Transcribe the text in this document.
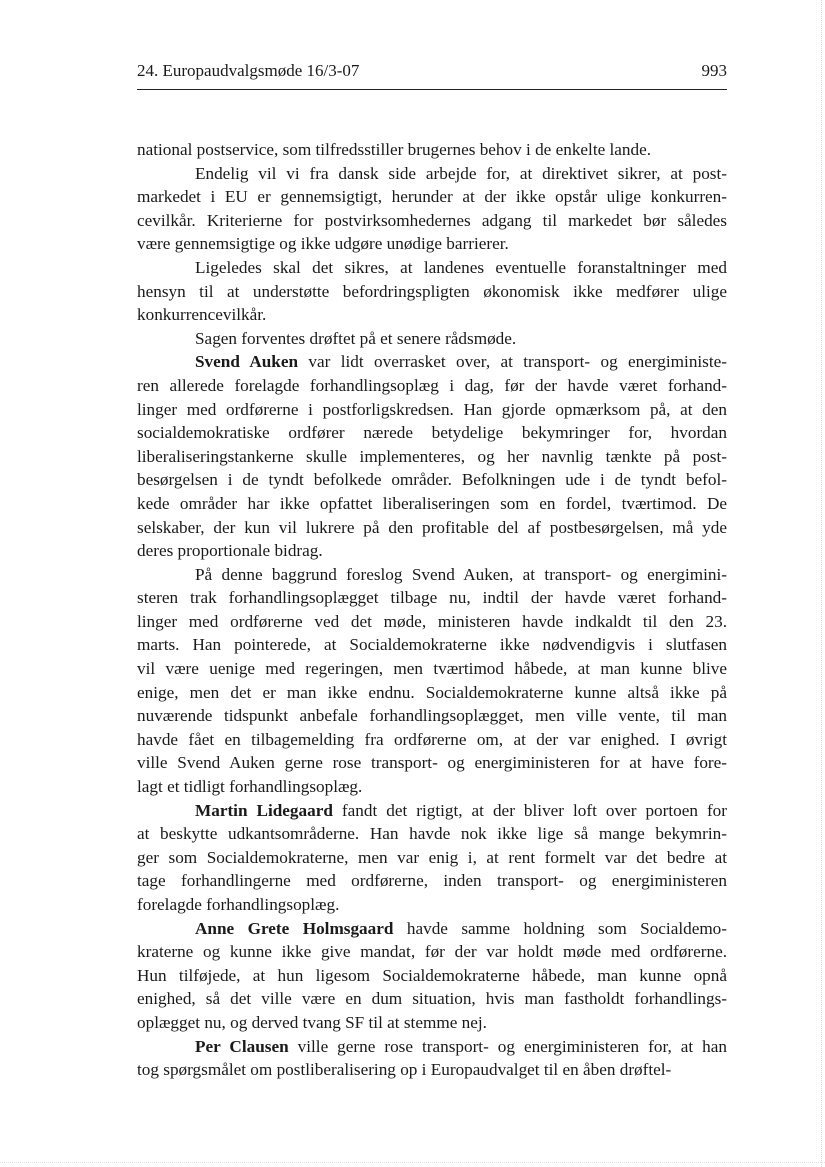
24. Europaudvalgsmøde 16/3-07	993
national postservice, som tilfredsstiller brugernes behov i de enkelte lande.
Endelig vil vi fra dansk side arbejde for, at direktivet sikrer, at post-
markedet i EU er gennemsigtigt, herunder at der ikke opstår ulige konkurren-
cevilkår. Kriterierne for postvirksomhedernes adgang til markedet bør således
være gennemsigtige og ikke udgøre unødige barrierer.
Ligeledes skal det sikres, at landenes eventuelle foranstaltninger med
hensyn til at understøtte befordringspligten økonomisk ikke medfører ulige
konkurrencevilkår.
Sagen forventes drøftet på et senere rådsmøde.
Svend Auken var lidt overrasket over, at transport- og energiministe-
ren allerede forelagde forhandlingsoplæg i dag, før der havde været forhand-
linger med ordførerne i postforligskredsen. Han gjorde opmærksom på, at den
socialdemokratiske ordfører nærede betydelige bekymringer for, hvordan
liberaliseringstankerne skulle implementeres, og her navnlig tænkte på post-
besørgelsen i de tyndt befolkede områder. Befolkningen ude i de tyndt befol-
kede områder har ikke opfattet liberaliseringen som en fordel, tværtimod. De
selskaber, der kun vil lukrere på den profitable del af postbesørgelsen, må yde
deres proportionale bidrag.
På denne baggrund foreslog Svend Auken, at transport- og energimini-
steren trak forhandlingsoplægget tilbage nu, indtil der havde været forhand-
linger med ordførerne ved det møde, ministeren havde indkaldt til den 23.
marts. Han pointerede, at Socialdemokraterne ikke nødvendigvis i slutfasen
vil være uenige med regeringen, men tværtimod håbede, at man kunne blive
enige, men det er man ikke endnu. Socialdemokraterne kunne altså ikke på
nuværende tidspunkt anbefale forhandlingsoplægget, men ville vente, til man
havde fået en tilbagemelding fra ordførerne om, at der var enighed. I øvrigt
ville Svend Auken gerne rose transport- og energiministeren for at have fore-
lagt et tidligt forhandlingsoplæg.
Martin Lidegaard fandt det rigtigt, at der bliver loft over portoen for
at beskytte udkantsområderne. Han havde nok ikke lige så mange bekymrin-
ger som Socialdemokraterne, men var enig i, at rent formelt var det bedre at
tage forhandlingerne med ordførerne, inden transport- og energiministeren
forelagde forhandlingsoplæg.
Anne Grete Holmsgaard havde samme holdning som Socialdemo-
kraterne og kunne ikke give mandat, før der var holdt møde med ordførerne.
Hun tilføjede, at hun ligesom Socialdemokraterne håbede, man kunne opnå
enighed, så det ville være en dum situation, hvis man fastholdt forhandlings-
oplægget nu, og derved tvang SF til at stemme nej.
Per Clausen ville gerne rose transport- og energiministeren for, at han
tog spørgsmålet om postliberalisering op i Europaudvalget til en åben drøftel-
